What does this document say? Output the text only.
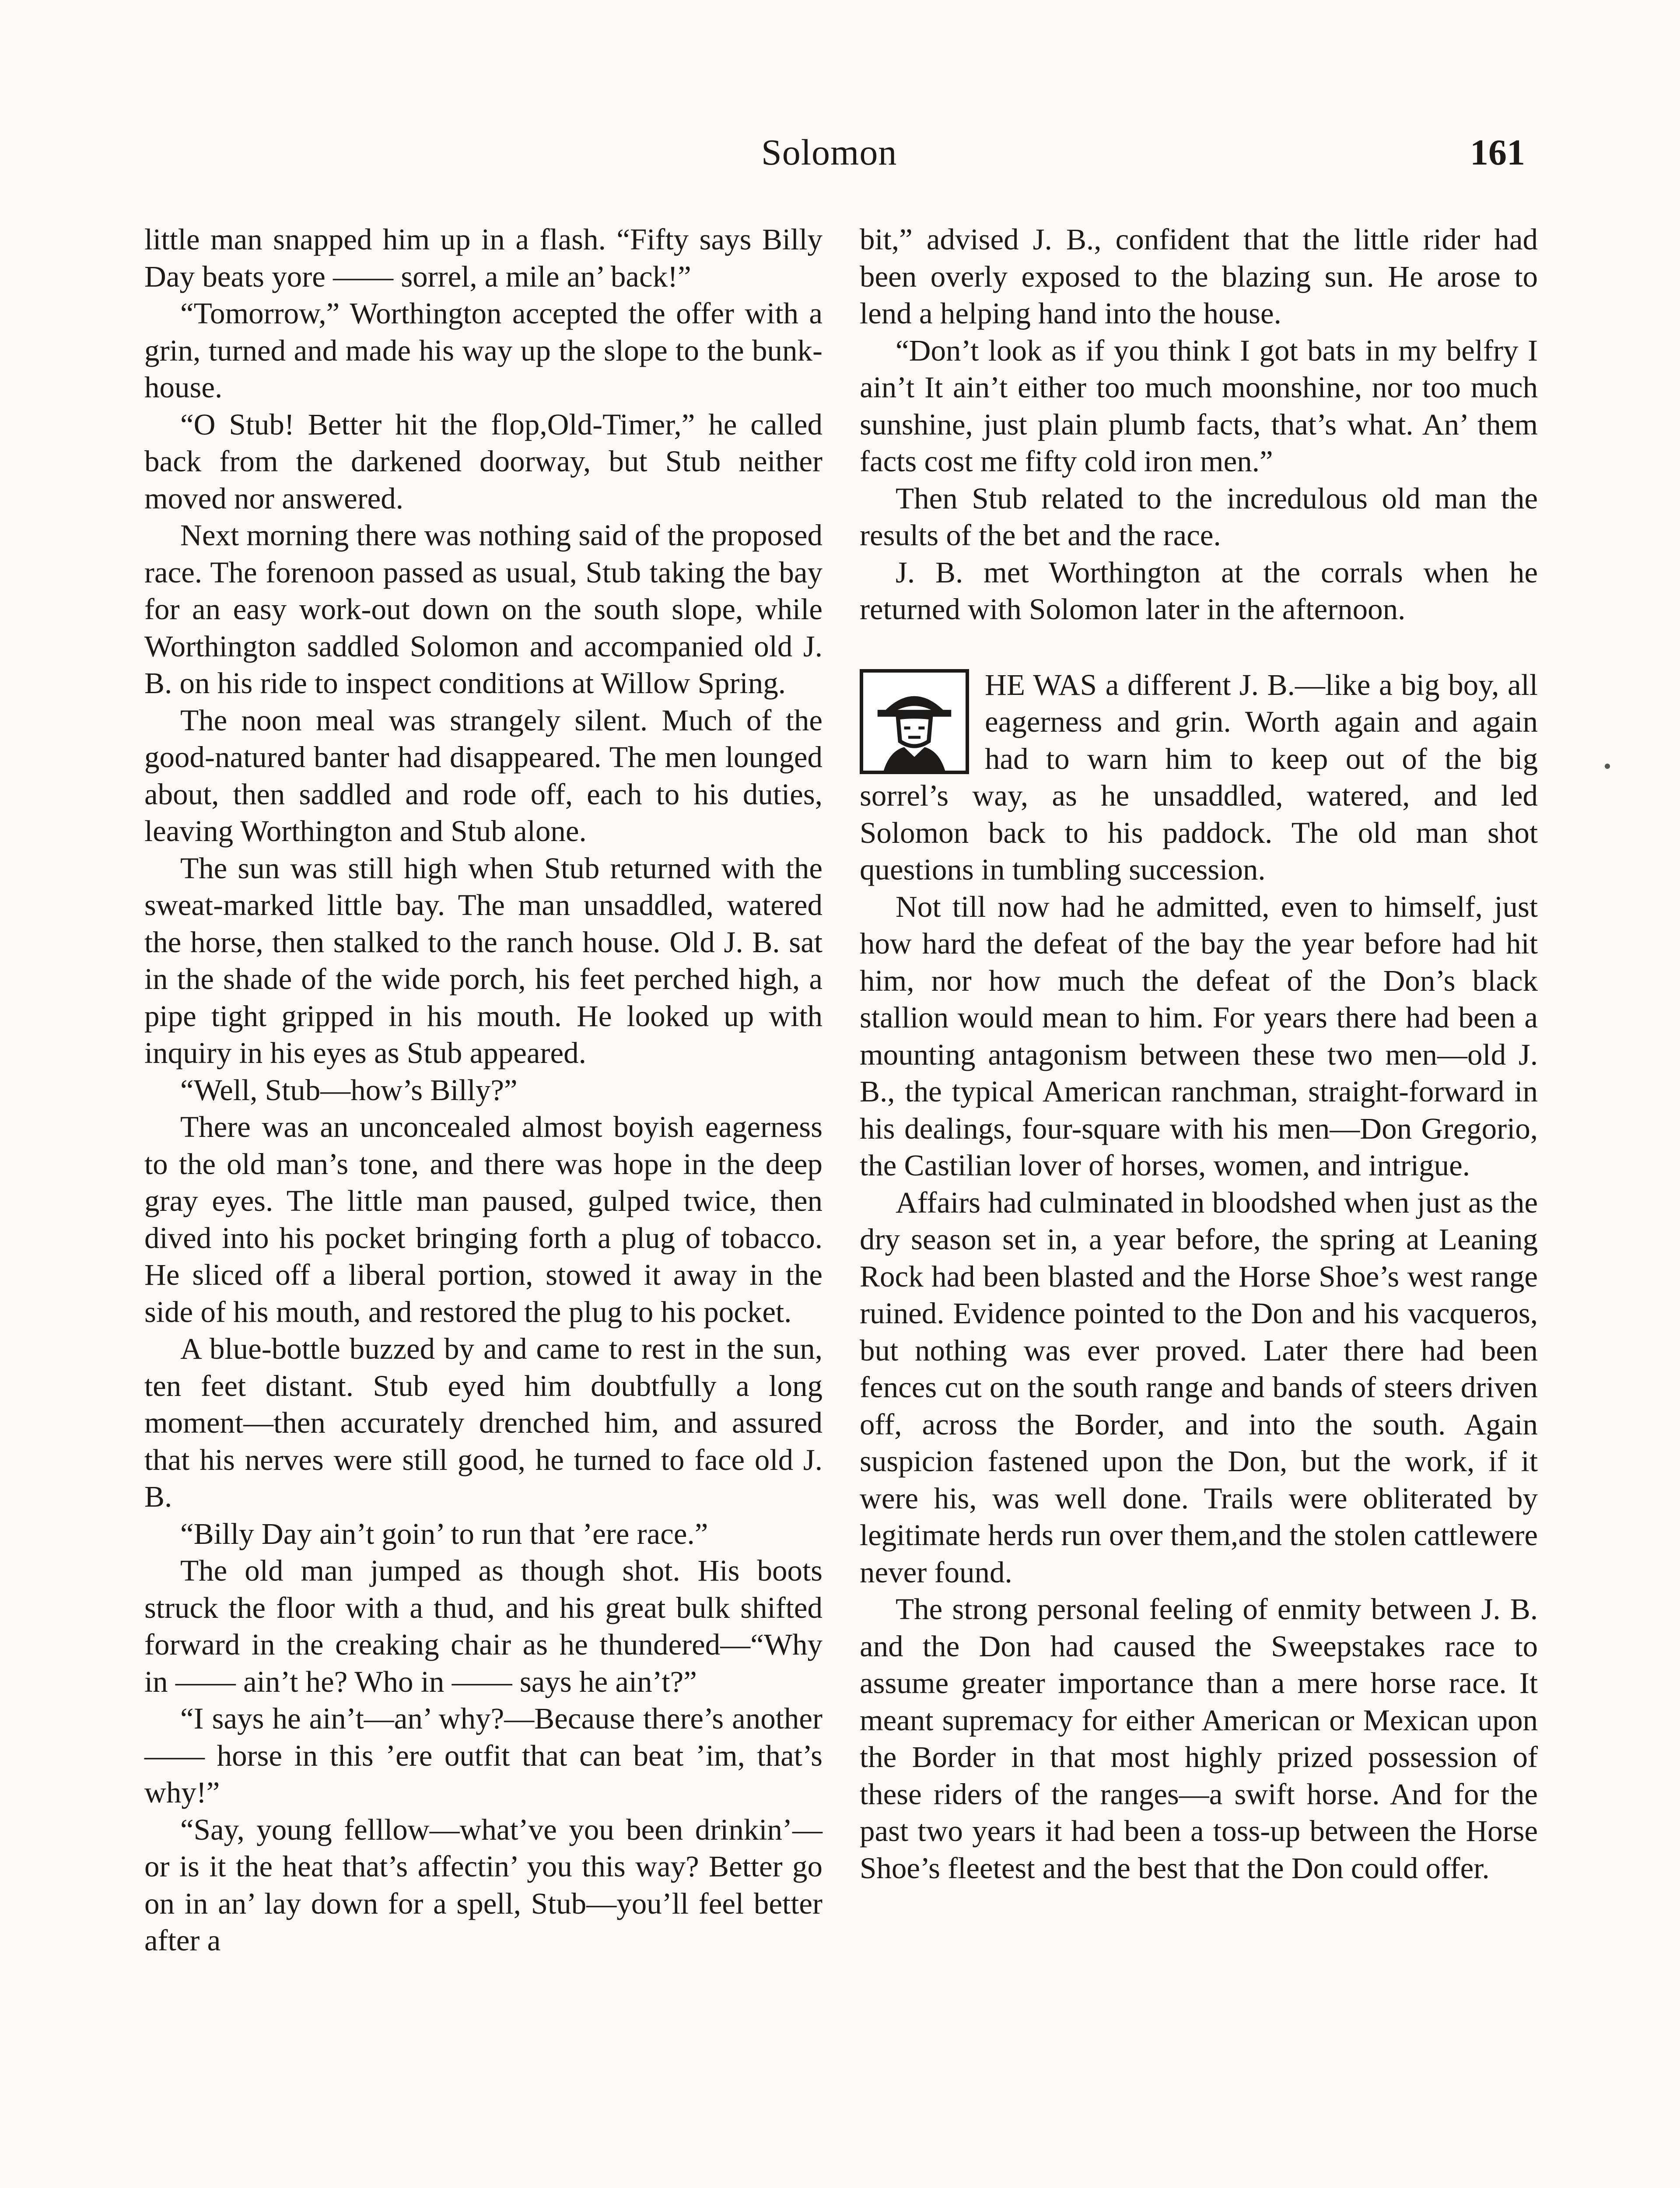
Solomon	161

little man snapped him up in a flash. “Fifty says Billy Day beats yore —— sorrel, a mile an’ back!”

“Tomorrow,” Worthington accepted the offer with a grin, turned and made his way up the slope to the bunk-house.

“O Stub! Better hit the flop,Old-Timer,” he called back from the darkened doorway, but Stub neither moved nor answered.

Next morning there was nothing said of the proposed race. The forenoon passed as usual, Stub taking the bay for an easy work-out down on the south slope, while Worthington saddled Solomon and accompanied old J. B. on his ride to inspect conditions at Willow Spring.

The noon meal was strangely silent. Much of the good-natured banter had disappeared. The men lounged about, then saddled and rode off, each to his duties, leaving Worthington and Stub alone.

The sun was still high when Stub returned with the sweat-marked little bay. The man unsaddled, watered the horse, then stalked to the ranch house. Old J. B. sat in the shade of the wide porch, his feet perched high, a pipe tight gripped in his mouth. He looked up with inquiry in his eyes as Stub appeared.

“Well, Stub—how’s Billy?”

There was an unconcealed almost boyish eagerness to the old man’s tone, and there was hope in the deep gray eyes. The little man paused, gulped twice, then dived into his pocket bringing forth a plug of tobacco. He sliced off a liberal portion, stowed it away in the side of his mouth, and restored the plug to his pocket.

A blue-bottle buzzed by and came to rest in the sun, ten feet distant. Stub eyed him doubtfully a long moment—then accurately drenched him, and assured that his nerves were still good, he turned to face old J. B.

“Billy Day ain’t goin’ to run that ’ere race.”

The old man jumped as though shot. His boots struck the floor with a thud, and his great bulk shifted forward in the creaking chair as he thundered—“Why in —— ain’t he? Who in —— says he ain’t?”

“I says he ain’t—an’ why?—Because there’s another —— horse in this ’ere outfit that can beat ’im, that’s why!”

“Say, young felllow—what’ve you been drinkin’—or is it the heat that’s affectin’ you this way? Better go on in an’ lay down for a spell, Stub—you’ll feel better after a

bit,” advised J. B., confident that the little rider had been overly exposed to the blazing sun. He arose to lend a helping hand into the house.

“Don’t look as if you think I got bats in my belfry I ain’t It ain’t either too much moonshine, nor too much sunshine, just plain plumb facts, that’s what. An’ them facts cost me fifty cold iron men.”

Then Stub related to the incredulous old man the results of the bet and the race.

J. B. met Worthington at the corrals when he returned with Solomon later in the afternoon.

HE WAS a different J. B.—like a big boy, all eagerness and grin. Worth again and again had to warn him to keep out of the big sorrel’s way, as he unsaddled, watered, and led Solomon back to his paddock. The old man shot questions in tumbling succession.

Not till now had he admitted, even to himself, just how hard the defeat of the bay the year before had hit him, nor how much the defeat of the Don’s black stallion would mean to him. For years there had been a mounting antagonism between these two men—old J. B., the typical American ranchman, straight-forward in his dealings, four-square with his men—Don Gregorio, the Castilian lover of horses, women, and intrigue.

Affairs had culminated in bloodshed when just as the dry season set in, a year before, the spring at Leaning Rock had been blasted and the Horse Shoe’s west range ruined. Evidence pointed to the Don and his vacqueros, but nothing was ever proved. Later there had been fences cut on the south range and bands of steers driven off, across the Border, and into the south. Again suspicion fastened upon the Don, but the work, if it were his, was well done. Trails were obliterated by legitimate herds run over them,and the stolen cattlewere never found.

The strong personal feeling of enmity between J. B. and the Don had caused the Sweepstakes race to assume greater importance than a mere horse race. It meant supremacy for either American or Mexican upon the Border in that most highly prized possession of these riders of the ranges—a swift horse. And for the past two years it had been a toss-up between the Horse Shoe’s fleetest and the best that the Don could offer.
